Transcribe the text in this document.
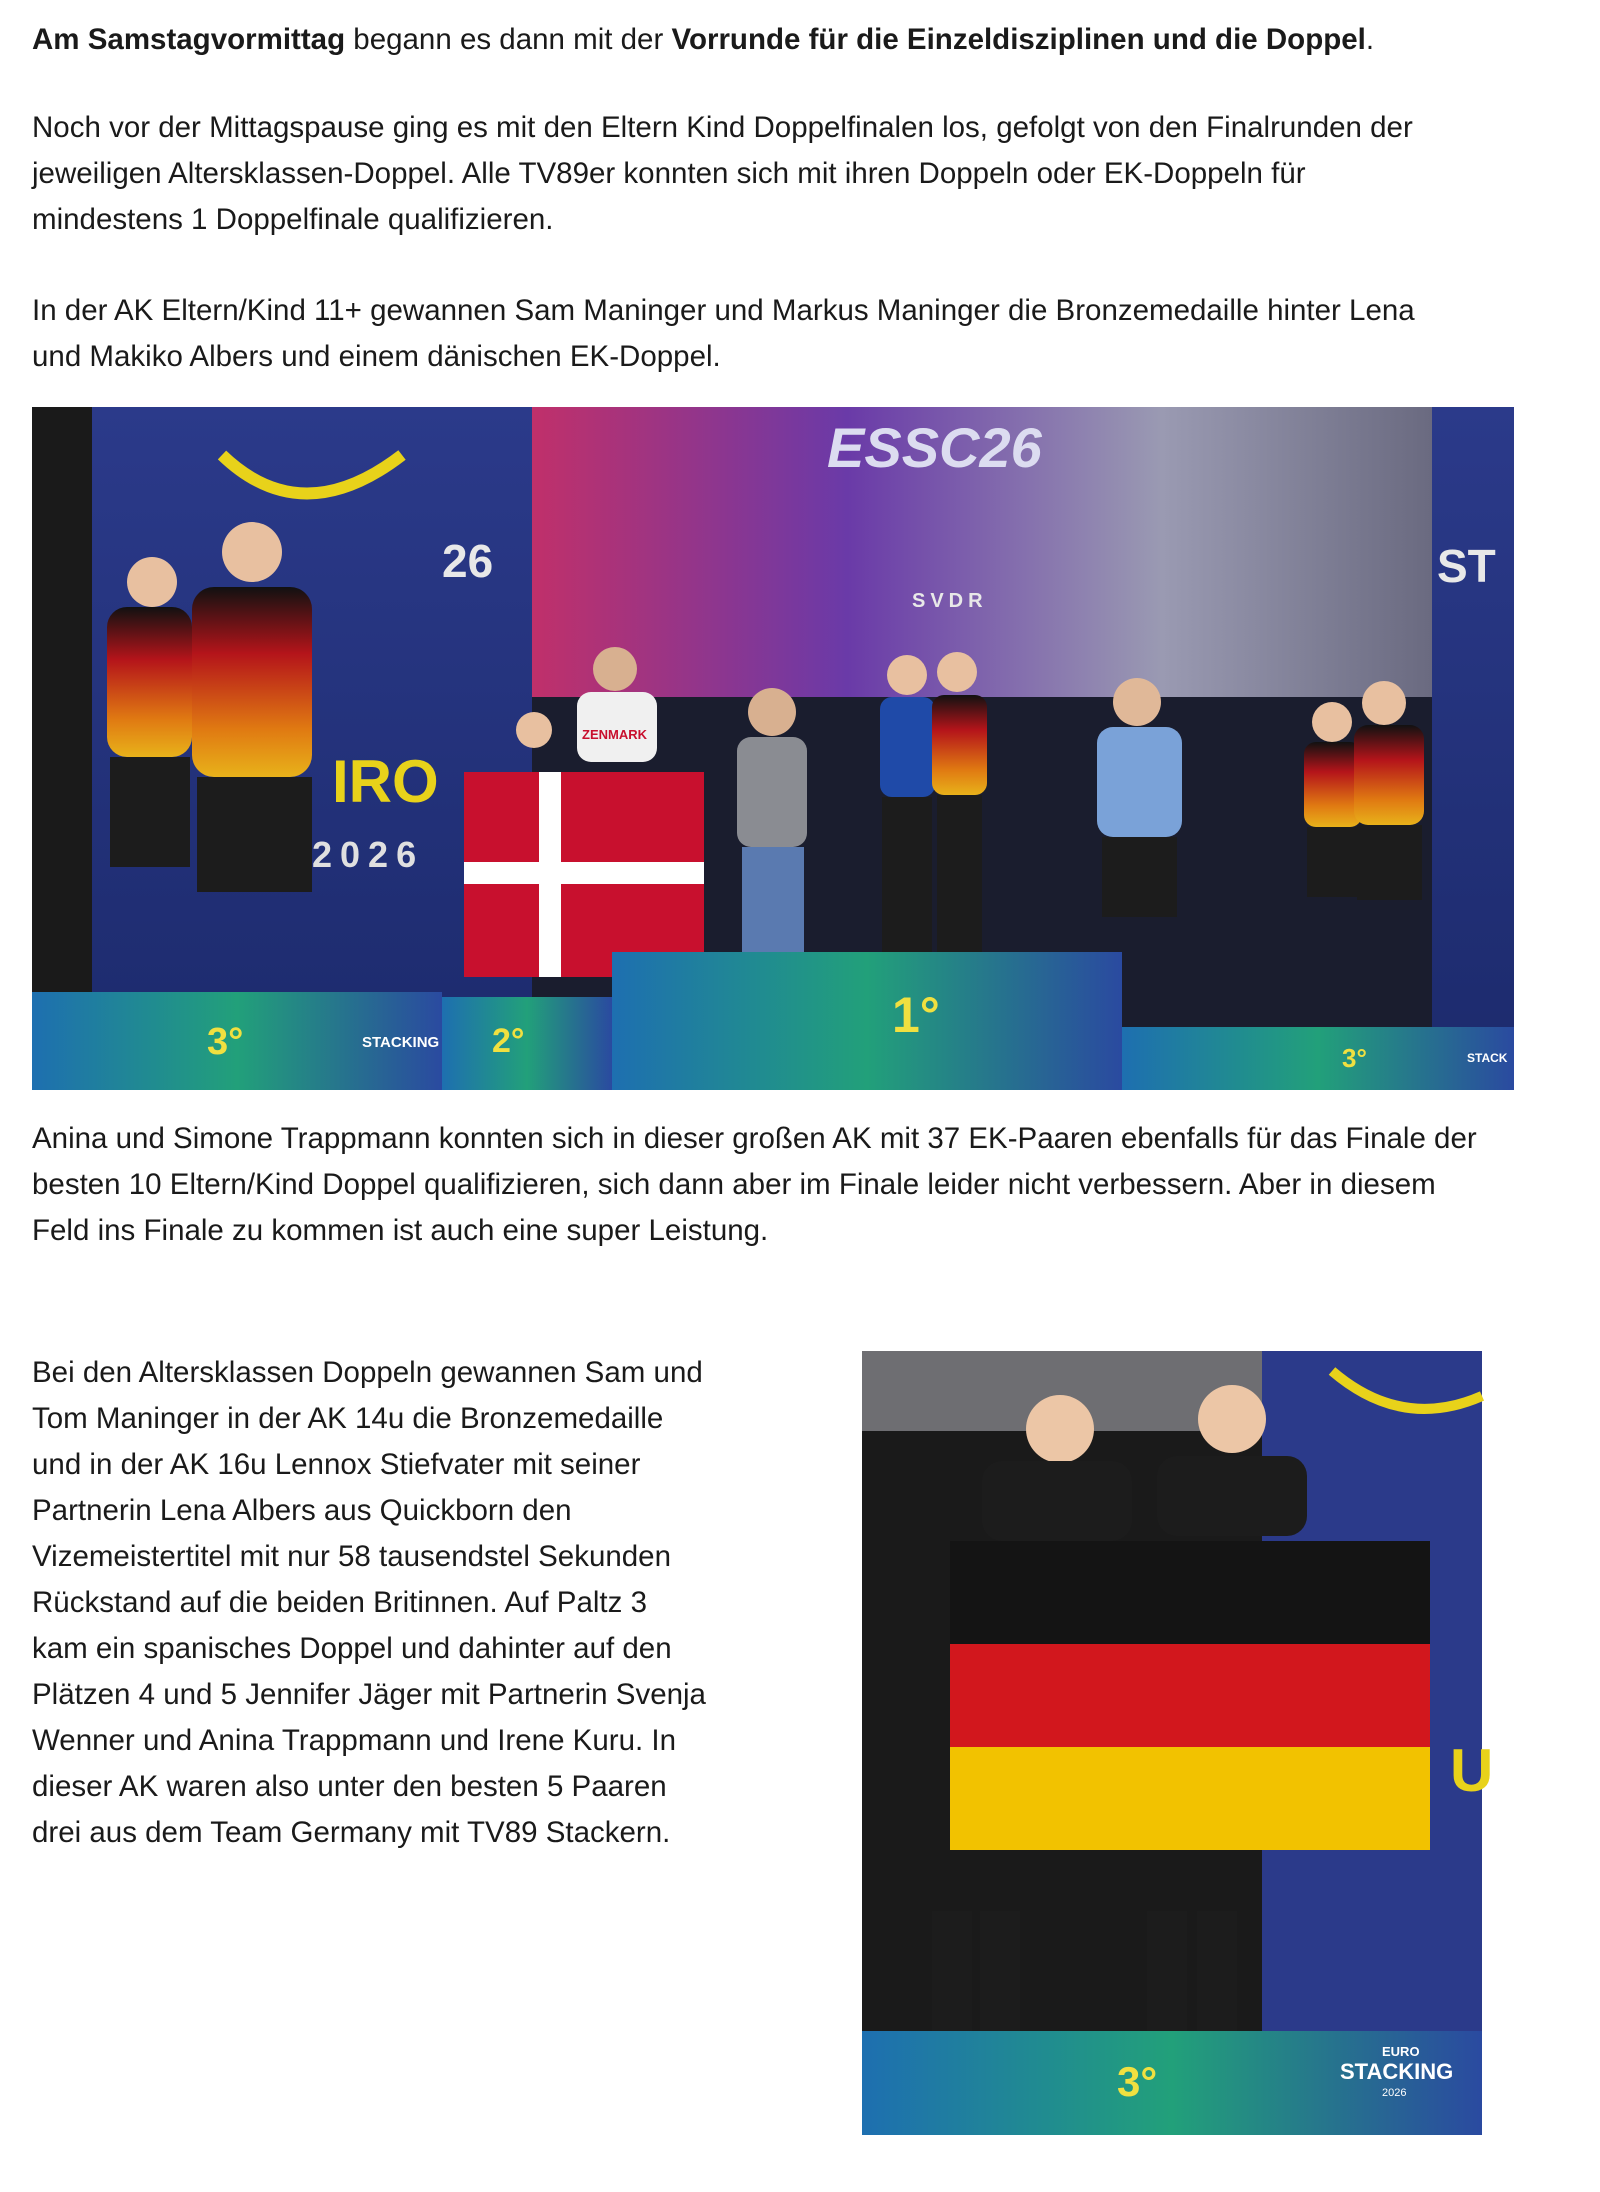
Am Samstagvormittag begann es dann mit der Vorrunde für die Einzeldisziplinen und die Doppel.

Noch vor der Mittagspause ging es mit den Eltern Kind Doppelfinalen los, gefolgt von den Finalrunden der
jeweiligen Altersklassen-Doppel. Alle TV89er konnten sich mit ihren Doppeln oder EK-Doppeln für
mindestens 1 Doppelfinale qualifizieren.

In der AK Eltern/Kind 11+ gewannen Sam Maninger und Markus Maninger die Bronzemedaille hinter Lena
und Makiko Albers und einem dänischen EK-Doppel.

IRO
2026
3°	STACKING
26
ESSC26
SVDR
ST
ZENMARK
2°	1°
3°	STACK

Anina und Simone Trappmann konnten sich in dieser großen AK mit 37 EK-Paaren ebenfalls für das Finale der
besten 10 Eltern/Kind Doppel qualifizieren, sich dann aber im Finale leider nicht verbessern. Aber in diesem
Feld ins Finale zu kommen ist auch eine super Leistung.

Bei den Altersklassen Doppeln gewannen Sam und
Tom Maninger in der AK 14u die Bronzemedaille
und in der AK 16u Lennox Stiefvater mit seiner
Partnerin Lena Albers aus Quickborn den
Vizemeistertitel mit nur 58 tausendstel Sekunden
Rückstand auf die beiden Britinnen. Auf Paltz 3
kam ein spanisches Doppel und dahinter auf den
Plätzen 4 und 5 Jennifer Jäger mit Partnerin Svenja
Wenner und Anina Trappmann und Irene Kuru. In
dieser AK waren also unter den besten 5 Paaren
drei aus dem Team Germany mit TV89 Stackern.

U
3°
EURO
STACKING
2026
